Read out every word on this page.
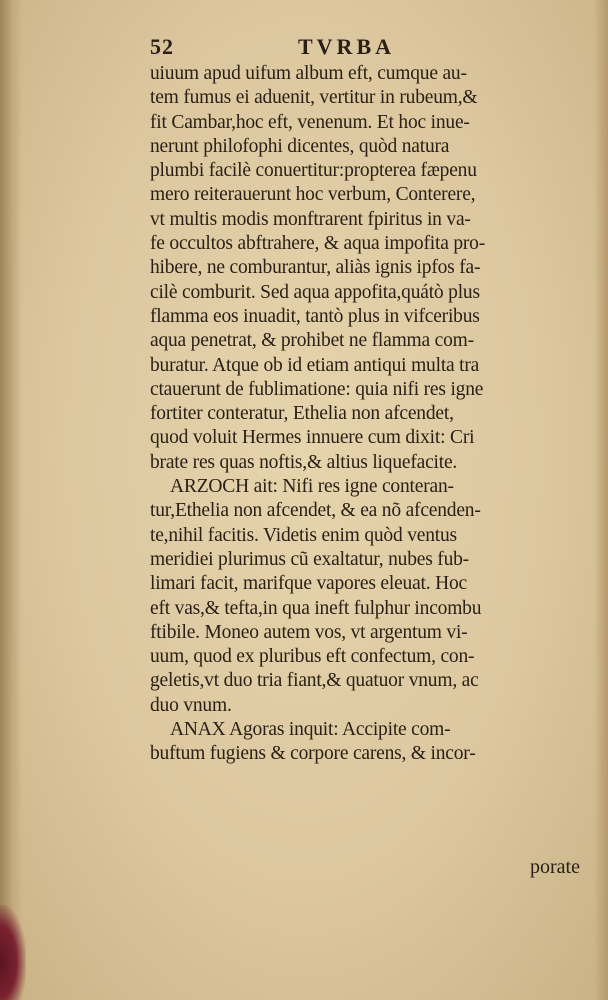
52	TVRBA
uiuum apud uifum album eft, cumque au-
tem fumus ei aduenit, vertitur in rubeum,&
fit Cambar,hoc eft, venenum. Et hoc inue-
nerunt philofophi dicentes, quòd natura
plumbi facilè conuertitur:propterea fæpenu
mero reiterauerunt hoc verbum, Conterere,
vt multis modis monftrarent fpiritus in va-
fe occultos abftrahere, & aqua impofita pro-
hibere, ne comburantur, aliàs ignis ipfos fa-
cilè comburit. Sed aqua appofita,quátò plus
flamma eos inuadit, tantò plus in vifceribus
aqua penetrat, & prohibet ne flamma com-
buratur. Atque ob id etiam antiqui multa tra
ctauerunt de fublimatione: quia nifi res igne
fortiter conteratur, Ethelia non afcendet,
quod voluit Hermes innuere cum dixit: Cri
brate res quas noftis,& altius liquefacite.
ARZOCH ait: Nifi res igne conteran-
tur,Ethelia non afcendet, & ea nõ afcenden-
te,nihil facitis. Videtis enim quòd ventus
meridiei plurimus cũ exaltatur, nubes fub-
limari facit, marifque vapores eleuat. Hoc
eft vas,& tefta,in qua ineft fulphur incombu
ftibile. Moneo autem vos, vt argentum vi-
uum, quod ex pluribus eft confectum, con-
geletis,vt duo tria fiant,& quatuor vnum, ac
duo vnum.
ANAX Agoras inquit: Accipite com-
buftum fugiens & corpore carens, & incor-
porate
